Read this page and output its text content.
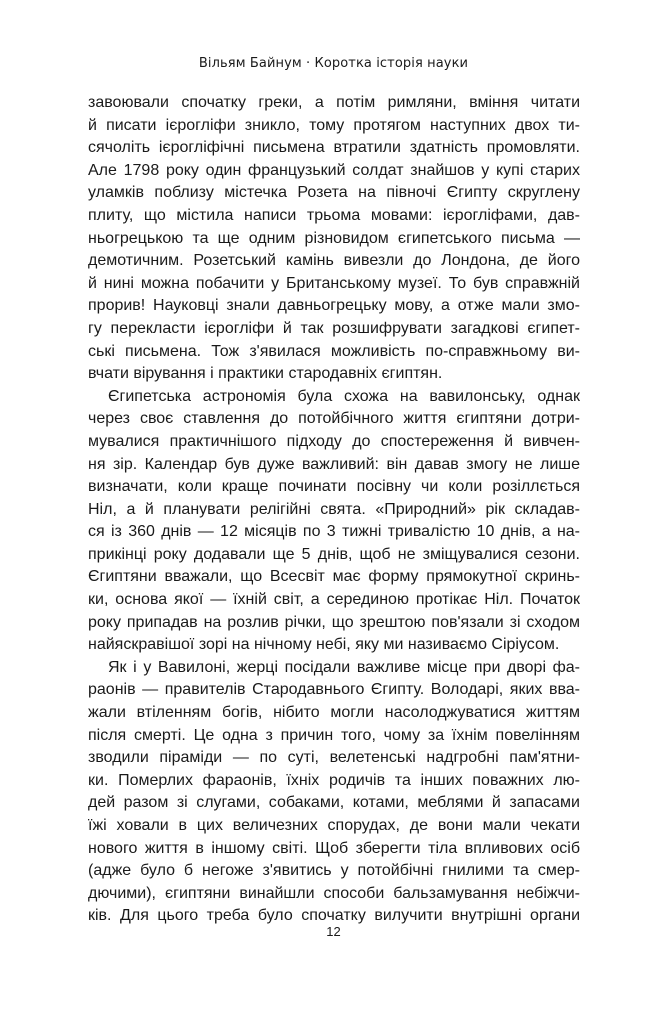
Вільям Байнум · Коротка історія науки
завоювали спочатку греки, а потім римляни, вміння читати
й писати ієрогліфи зникло, тому протягом наступних двох ти-
сячоліть ієрогліфічні письмена втратили здатність промовляти.
Але 1798 року один французький солдат знайшов у купі старих
уламків поблизу містечка Розета на півночі Єгипту скруглену
плиту, що містила написи трьома мовами: ієрогліфами, дав-
ньогрецькою та ще одним різновидом єгипетського письма —
демотичним. Розетський камінь вивезли до Лондона, де його
й нині можна побачити у Британському музеї. То був справжній
прорив! Науковці знали давньогрецьку мову, а отже мали змо-
гу перекласти ієрогліфи й так розшифрувати загадкові єгипет-
ські письмена. Тож з'явилася можливість по-справжньому ви-
вчати вірування і практики стародавніх єгиптян.
Єгипетська астрономія була схожа на вавилонську, однак
через своє ставлення до потойбічного життя єгиптяни дотри-
мувалися практичнішого підходу до спостереження й вивчен-
ня зір. Календар був дуже важливий: він давав змогу не лише
визначати, коли краще починати посівну чи коли розіллється
Ніл, а й планувати релігійні свята. «Природний» рік складав-
ся із 360 днів — 12 місяців по 3 тижні тривалістю 10 днів, а на-
прикінці року додавали ще 5 днів, щоб не зміщувалися сезони.
Єгиптяни вважали, що Всесвіт має форму прямокутної скринь-
ки, основа якої — їхній світ, а серединою протікає Ніл. Початок
року припадав на розлив річки, що зрештою пов'язали зі сходом
найяскравішої зорі на нічному небі, яку ми називаємо Сіріусом.
Як і у Вавилоні, жерці посідали важливе місце при дворі фа-
раонів — правителів Стародавнього Єгипту. Володарі, яких вва-
жали втіленням богів, нібито могли насолоджуватися життям
після смерті. Це одна з причин того, чому за їхнім повелінням
зводили піраміди — по суті, велетенські надгробні пам'ятни-
ки. Померлих фараонів, їхніх родичів та інших поважних лю-
дей разом зі слугами, собаками, котами, меблями й запасами
їжі ховали в цих величезних спорудах, де вони мали чекати
нового життя в іншому світі. Щоб зберегти тіла впливових осіб
(адже було б негоже з'явитись у потойбічні гнилими та смер-
дючими), єгиптяни винайшли способи бальзамування небіжчи-
ків. Для цього треба було спочатку вилучити внутрішні органи
12
